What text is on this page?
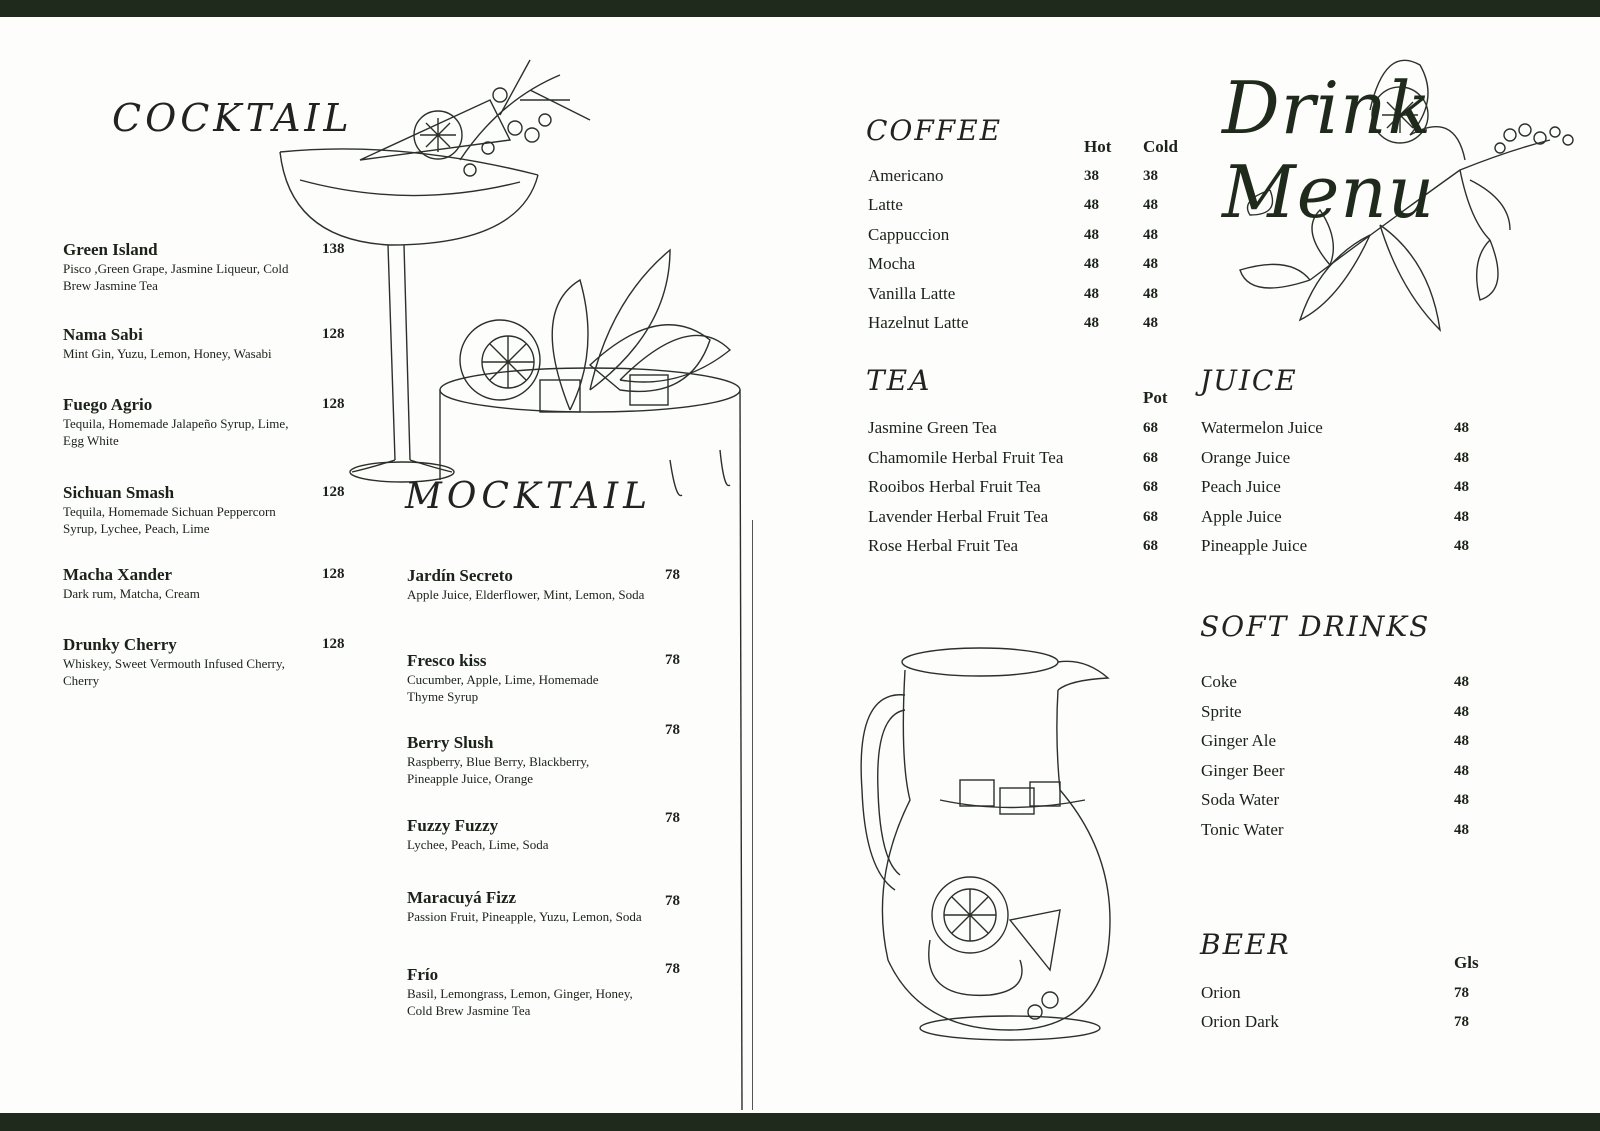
Drink Menu
COCKTAIL
MOCKTAIL
Green Island
Pisco ,Green Grape, Jasmine Liqueur, Cold Brew Jasmine Tea
138
Nama Sabi
Mint Gin, Yuzu, Lemon, Honey, Wasabi
128
Fuego Agrio
Tequila, Homemade Jalapeño Syrup, Lime, Egg White
128
Sichuan Smash
Tequila, Homemade Sichuan Peppercorn Syrup, Lychee, Peach, Lime
128
Macha Xander
Dark rum, Matcha, Cream
128
Drunky Cherry
Whiskey, Sweet Vermouth Infused Cherry, Cherry
128
Jardín Secreto
Apple Juice, Elderflower, Mint, Lemon, Soda
78
Fresco kiss
Cucumber, Apple, Lime, Homemade Thyme Syrup
78
Berry Slush
Raspberry, Blue Berry, Blackberry, Pineapple Juice, Orange
78
Fuzzy Fuzzy
Lychee, Peach, Lime, Soda
78
Maracuyá Fizz
Passion Fruit, Pineapple, Yuzu, Lemon, Soda
78
Frío
Basil, Lemongrass, Lemon, Ginger, Honey, Cold Brew Jasmine Tea
78
COFFEE	Hot Cold
Americano	38	38
Latte	48	48
Cappuccion	48	48
Mocha	48	48
Vanilla Latte	48	48
Hazelnut Latte	48	48
TEA
Pot
Jasmine Green Tea	68
Chamomile Herbal Fruit Tea	68
Rooibos Herbal Fruit Tea	68
Lavender Herbal Fruit Tea	68
Rose Herbal Fruit Tea	68
JUICE
Watermelon Juice	48
Orange Juice	48
Peach Juice	48
Apple Juice	48
Pineapple Juice	48
SOFT DRINKS
Coke	48
Sprite	48
Ginger Ale	48
Ginger Beer	48
Soda Water	48
Tonic Water	48
BEER
Gls
Orion	78
Orion Dark	78
